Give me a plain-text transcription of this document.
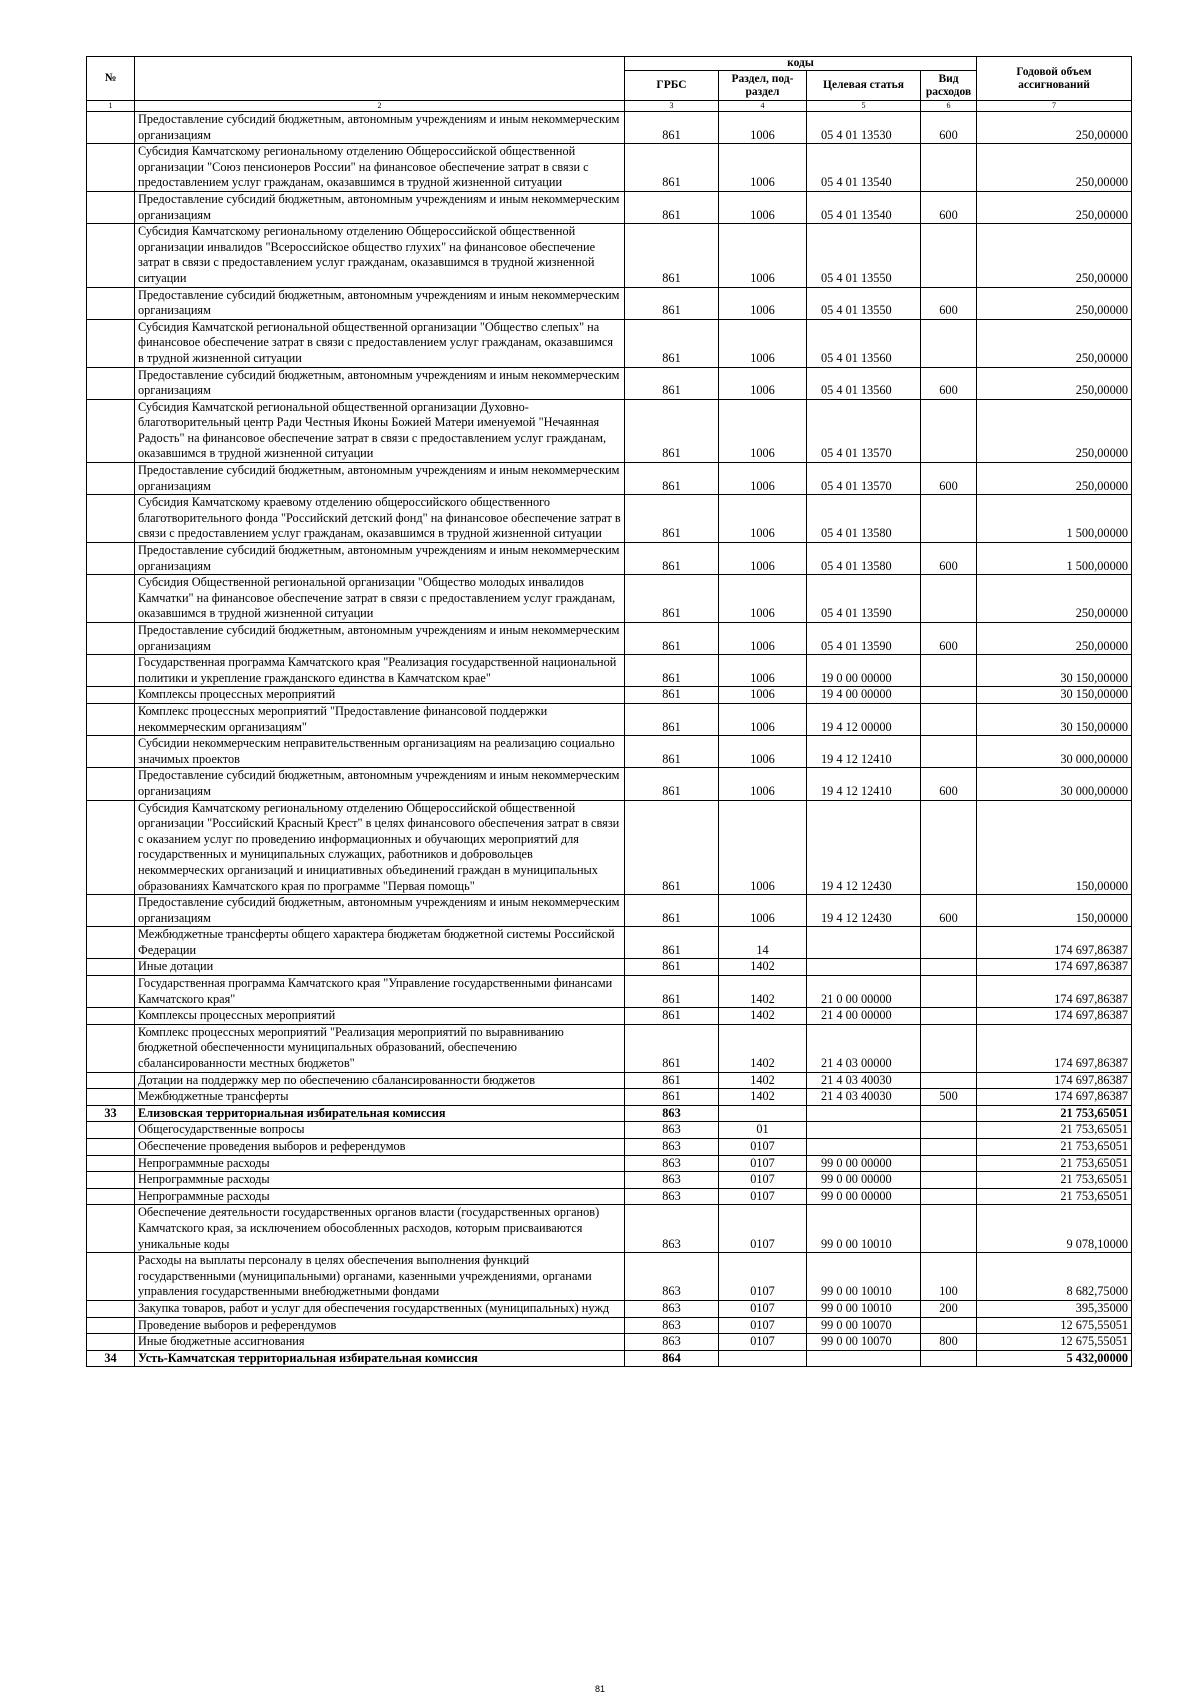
№		коды				Годовой объем ассигнований
		ГРБС	Раздел, под-раздел	Целевая статья	Вид расходов	
1	2	3	4	5	6	7
	Предоставление субсидий бюджетным, автономным учреждениям и иным некоммерческим организациям	861	1006	05 4 01 13530	600	250,00000
	Субсидия Камчатскому региональному отделению Общероссийской общественной организации "Союз пенсионеров России" на финансовое обеспечение затрат в связи с предоставлением услуг гражданам, оказавшимся в трудной жизненной ситуации	861	1006	05 4 01 13540		250,00000
	Предоставление субсидий бюджетным, автономным учреждениям и иным некоммерческим организациям	861	1006	05 4 01 13540	600	250,00000
	Субсидия Камчатскому региональному отделению Общероссийской общественной организации инвалидов "Всероссийское общество глухих" на финансовое обеспечение затрат в связи с предоставлением услуг гражданам, оказавшимся в трудной жизненной ситуации	861	1006	05 4 01 13550		250,00000
	Предоставление субсидий бюджетным, автономным учреждениям и иным некоммерческим организациям	861	1006	05 4 01 13550	600	250,00000
	Субсидия Камчатской региональной общественной организации "Общество слепых" на финансовое обеспечение затрат в связи с предоставлением услуг гражданам, оказавшимся в трудной жизненной ситуации	861	1006	05 4 01 13560		250,00000
	Предоставление субсидий бюджетным, автономным учреждениям и иным некоммерческим организациям	861	1006	05 4 01 13560	600	250,00000
	Субсидия Камчатской региональной общественной организации Духовно-благотворительный центр Ради Честныя Иконы Божией Матери именуемой "Нечаянная Радость" на финансовое обеспечение затрат в связи с предоставлением услуг гражданам, оказавшимся в трудной жизненной ситуации	861	1006	05 4 01 13570		250,00000
	Предоставление субсидий бюджетным, автономным учреждениям и иным некоммерческим организациям	861	1006	05 4 01 13570	600	250,00000
	Субсидия Камчатскому краевому отделению общероссийского общественного благотворительного фонда "Российский детский фонд" на финансовое обеспечение затрат в связи с предоставлением услуг гражданам, оказавшимся в трудной жизненной ситуации	861	1006	05 4 01 13580		1 500,00000
	Предоставление субсидий бюджетным, автономным учреждениям и иным некоммерческим организациям	861	1006	05 4 01 13580	600	1 500,00000
	Субсидия Общественной региональной организации "Общество молодых инвалидов Камчатки" на финансовое обеспечение затрат в связи с предоставлением услуг гражданам, оказавшимся в трудной жизненной ситуации	861	1006	05 4 01 13590		250,00000
	Предоставление субсидий бюджетным, автономным учреждениям и иным некоммерческим организациям	861	1006	05 4 01 13590	600	250,00000
	Государственная программа Камчатского края "Реализация государственной национальной политики и укрепление гражданского единства в Камчатском крае"	861	1006	19 0 00 00000		30 150,00000
	Комплексы процессных мероприятий	861	1006	19 4 00 00000		30 150,00000
	Комплекс процессных мероприятий "Предоставление финансовой поддержки некоммерческим организациям"	861	1006	19 4 12 00000		30 150,00000
	Субсидии некоммерческим неправительственным организациям на реализацию социально значимых проектов	861	1006	19 4 12 12410		30 000,00000
	Предоставление субсидий бюджетным, автономным учреждениям и иным некоммерческим организациям	861	1006	19 4 12 12410	600	30 000,00000
	Субсидия Камчатскому региональному отделению Общероссийской общественной организации "Российский Красный Крест" в целях финансового обеспечения затрат в связи с оказанием услуг по проведению информационных и обучающих мероприятий для государственных и муниципальных служащих, работников и добровольцев некоммерческих организаций и инициативных объединений граждан в муниципальных образованиях Камчатского края по программе "Первая помощь"	861	1006	19 4 12 12430		150,00000
	Предоставление субсидий бюджетным, автономным учреждениям и иным некоммерческим организациям	861	1006	19 4 12 12430	600	150,00000
	Межбюджетные трансферты общего характера бюджетам бюджетной системы Российской Федерации	861	14			174 697,86387
	Иные дотации	861	1402			174 697,86387
	Государственная программа Камчатского края "Управление государственными финансами Камчатского края"	861	1402	21 0 00 00000		174 697,86387
	Комплексы процессных мероприятий	861	1402	21 4 00 00000		174 697,86387
	Комплекс процессных мероприятий "Реализация мероприятий по выравниванию бюджетной обеспеченности муниципальных образований, обеспечению сбалансированности местных бюджетов"	861	1402	21 4 03 00000		174 697,86387
	Дотации на поддержку мер по обеспечению сбалансированности бюджетов	861	1402	21 4 03 40030		174 697,86387
	Межбюджетные трансферты	861	1402	21 4 03 40030	500	174 697,86387
33	Елизовская территориальная избирательная комиссия	863				21 753,65051
	Общегосударственные вопросы	863	01			21 753,65051
	Обеспечение проведения выборов и референдумов	863	0107			21 753,65051
	Непрограммные расходы	863	0107	99 0 00 00000		21 753,65051
	Непрограммные расходы	863	0107	99 0 00 00000		21 753,65051
	Непрограммные расходы	863	0107	99 0 00 00000		21 753,65051
	Обеспечение деятельности государственных органов власти (государственных органов) Камчатского края, за исключением обособленных расходов, которым присваиваются уникальные коды	863	0107	99 0 00 10010		9 078,10000
	Расходы на выплаты персоналу в целях обеспечения выполнения функций государственными (муниципальными) органами, казенными учреждениями, органами управления государственными внебюджетными фондами	863	0107	99 0 00 10010	100	8 682,75000
	Закупка товаров, работ и услуг для обеспечения государственных (муниципальных) нужд	863	0107	99 0 00 10010	200	395,35000
	Проведение выборов и референдумов	863	0107	99 0 00 10070		12 675,55051
	Иные бюджетные ассигнования	863	0107	99 0 00 10070	800	12 675,55051
34	Усть-Камчатская территориальная избирательная комиссия	864				5 432,00000
81
